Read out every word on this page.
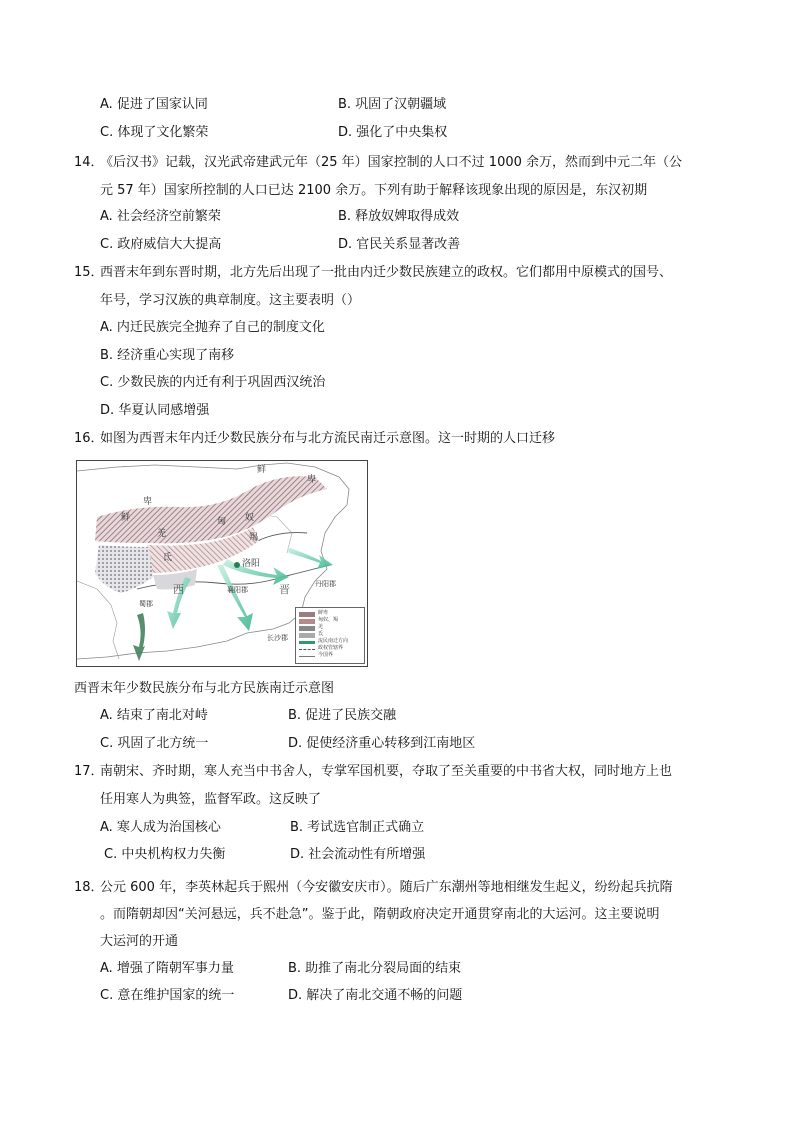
A. 促进了国家认同	B. 巩固了汉朝疆域
C. 体现了文化繁荣	D. 强化了中央集权
14．
《后汉书》记载，汉光武帝建武元年（25 年）国家控制的人口不过 1000 余万，然而到中元二年（公
元 57 年）国家所控制的人口已达 2100 余万。下列有助于解释该现象出现的原因是，东汉初期
A. 社会经济空前繁荣	B. 释放奴婢取得成效
C. 政府威信大大提高	D. 官民关系显著改善
15．
西晋末年到东晋时期，北方先后出现了一批由内迁少数民族建立的政权。它们都用中原模式的国号、
年号，学习汉族的典章制度。这主要表明（）
A. 内迁民族完全抛弃了自己的制度文化
B. 经济重心实现了南移
C. 少数民族的内迁有利于巩固西汉统治
D. 华夏认同感增强
16．
如图为西晋末年内迁少数民族分布与北方流民南迁示意图。这一时期的人口迁移
鲜
卑
卑
鲜	匈 奴
羯
羌
氐
西	晋
洛阳
襄阳郡
丹阳郡
蜀郡
长沙郡
鲜卑
匈奴、羯
羌
氐
流民南迁方向
政权管辖界
今国界
西晋末年少数民族分布与北方民族南迁示意图
A. 结束了南北对峙	B. 促进了民族交融
C. 巩固了北方统一	D. 促使经济重心转移到江南地区
17．
南朝宋、齐时期，寒人充当中书舍人，专掌军国机要，夺取了至关重要的中书省大权，同时地方上也
任用寒人为典签，监督军政。这反映了
A. 寒人成为治国核心	B. 考试选官制正式确立
C. 中央机构权力失衡	D. 社会流动性有所增强
18．
公元 600 年，李英林起兵于熙州（今安徽安庆市）。随后广东潮州等地相继发生起义，纷纷起兵抗隋
。而隋朝却因“关河悬远，兵不赴急”。鉴于此，隋朝政府决定开通贯穿南北的大运河。这主要说明
大运河的开通
A. 增强了隋朝军事力量	B. 助推了南北分裂局面的结束
C. 意在维护国家的统一	D. 解决了南北交通不畅的问题
